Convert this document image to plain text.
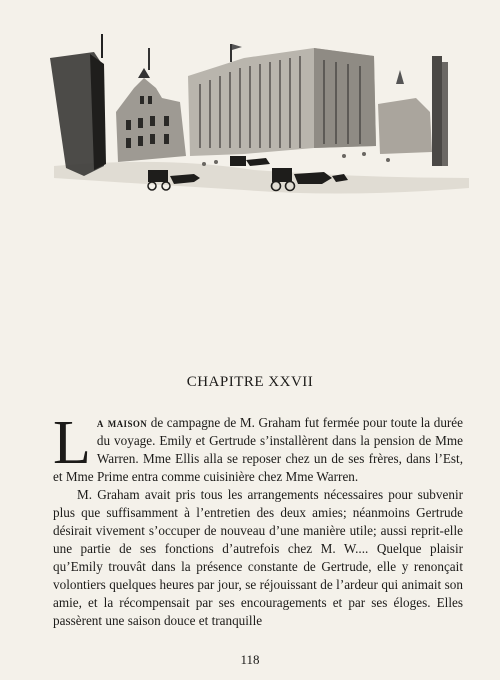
CHAPITRE XXVII

La maison de campagne de M. Graham fut fermée pour toute la durée du voyage. Emily et Gertrude s’installèrent dans la pension de Mme Warren. Mme Ellis alla se reposer chez un de ses frères, dans l’Est, et Mme Prime entra comme cuisinière chez Mme Warren.

M. Graham avait pris tous les arrangements nécessaires pour subvenir plus que suffisamment à l’entretien des deux amies; néanmoins Gertrude désirait vivement s’occuper de nouveau d’une manière utile; aussi reprit-elle une partie de ses fonctions d’autrefois chez M. W.... Quelque plaisir qu’Emily trouvât dans la présence constante de Gertrude, elle y renonçait volontiers quelques heures par jour, se réjouissant de l’ardeur qui animait son amie, et la récompensait par ses encouragements et par ses éloges. Elles passèrent une saison douce et tranquille

118
